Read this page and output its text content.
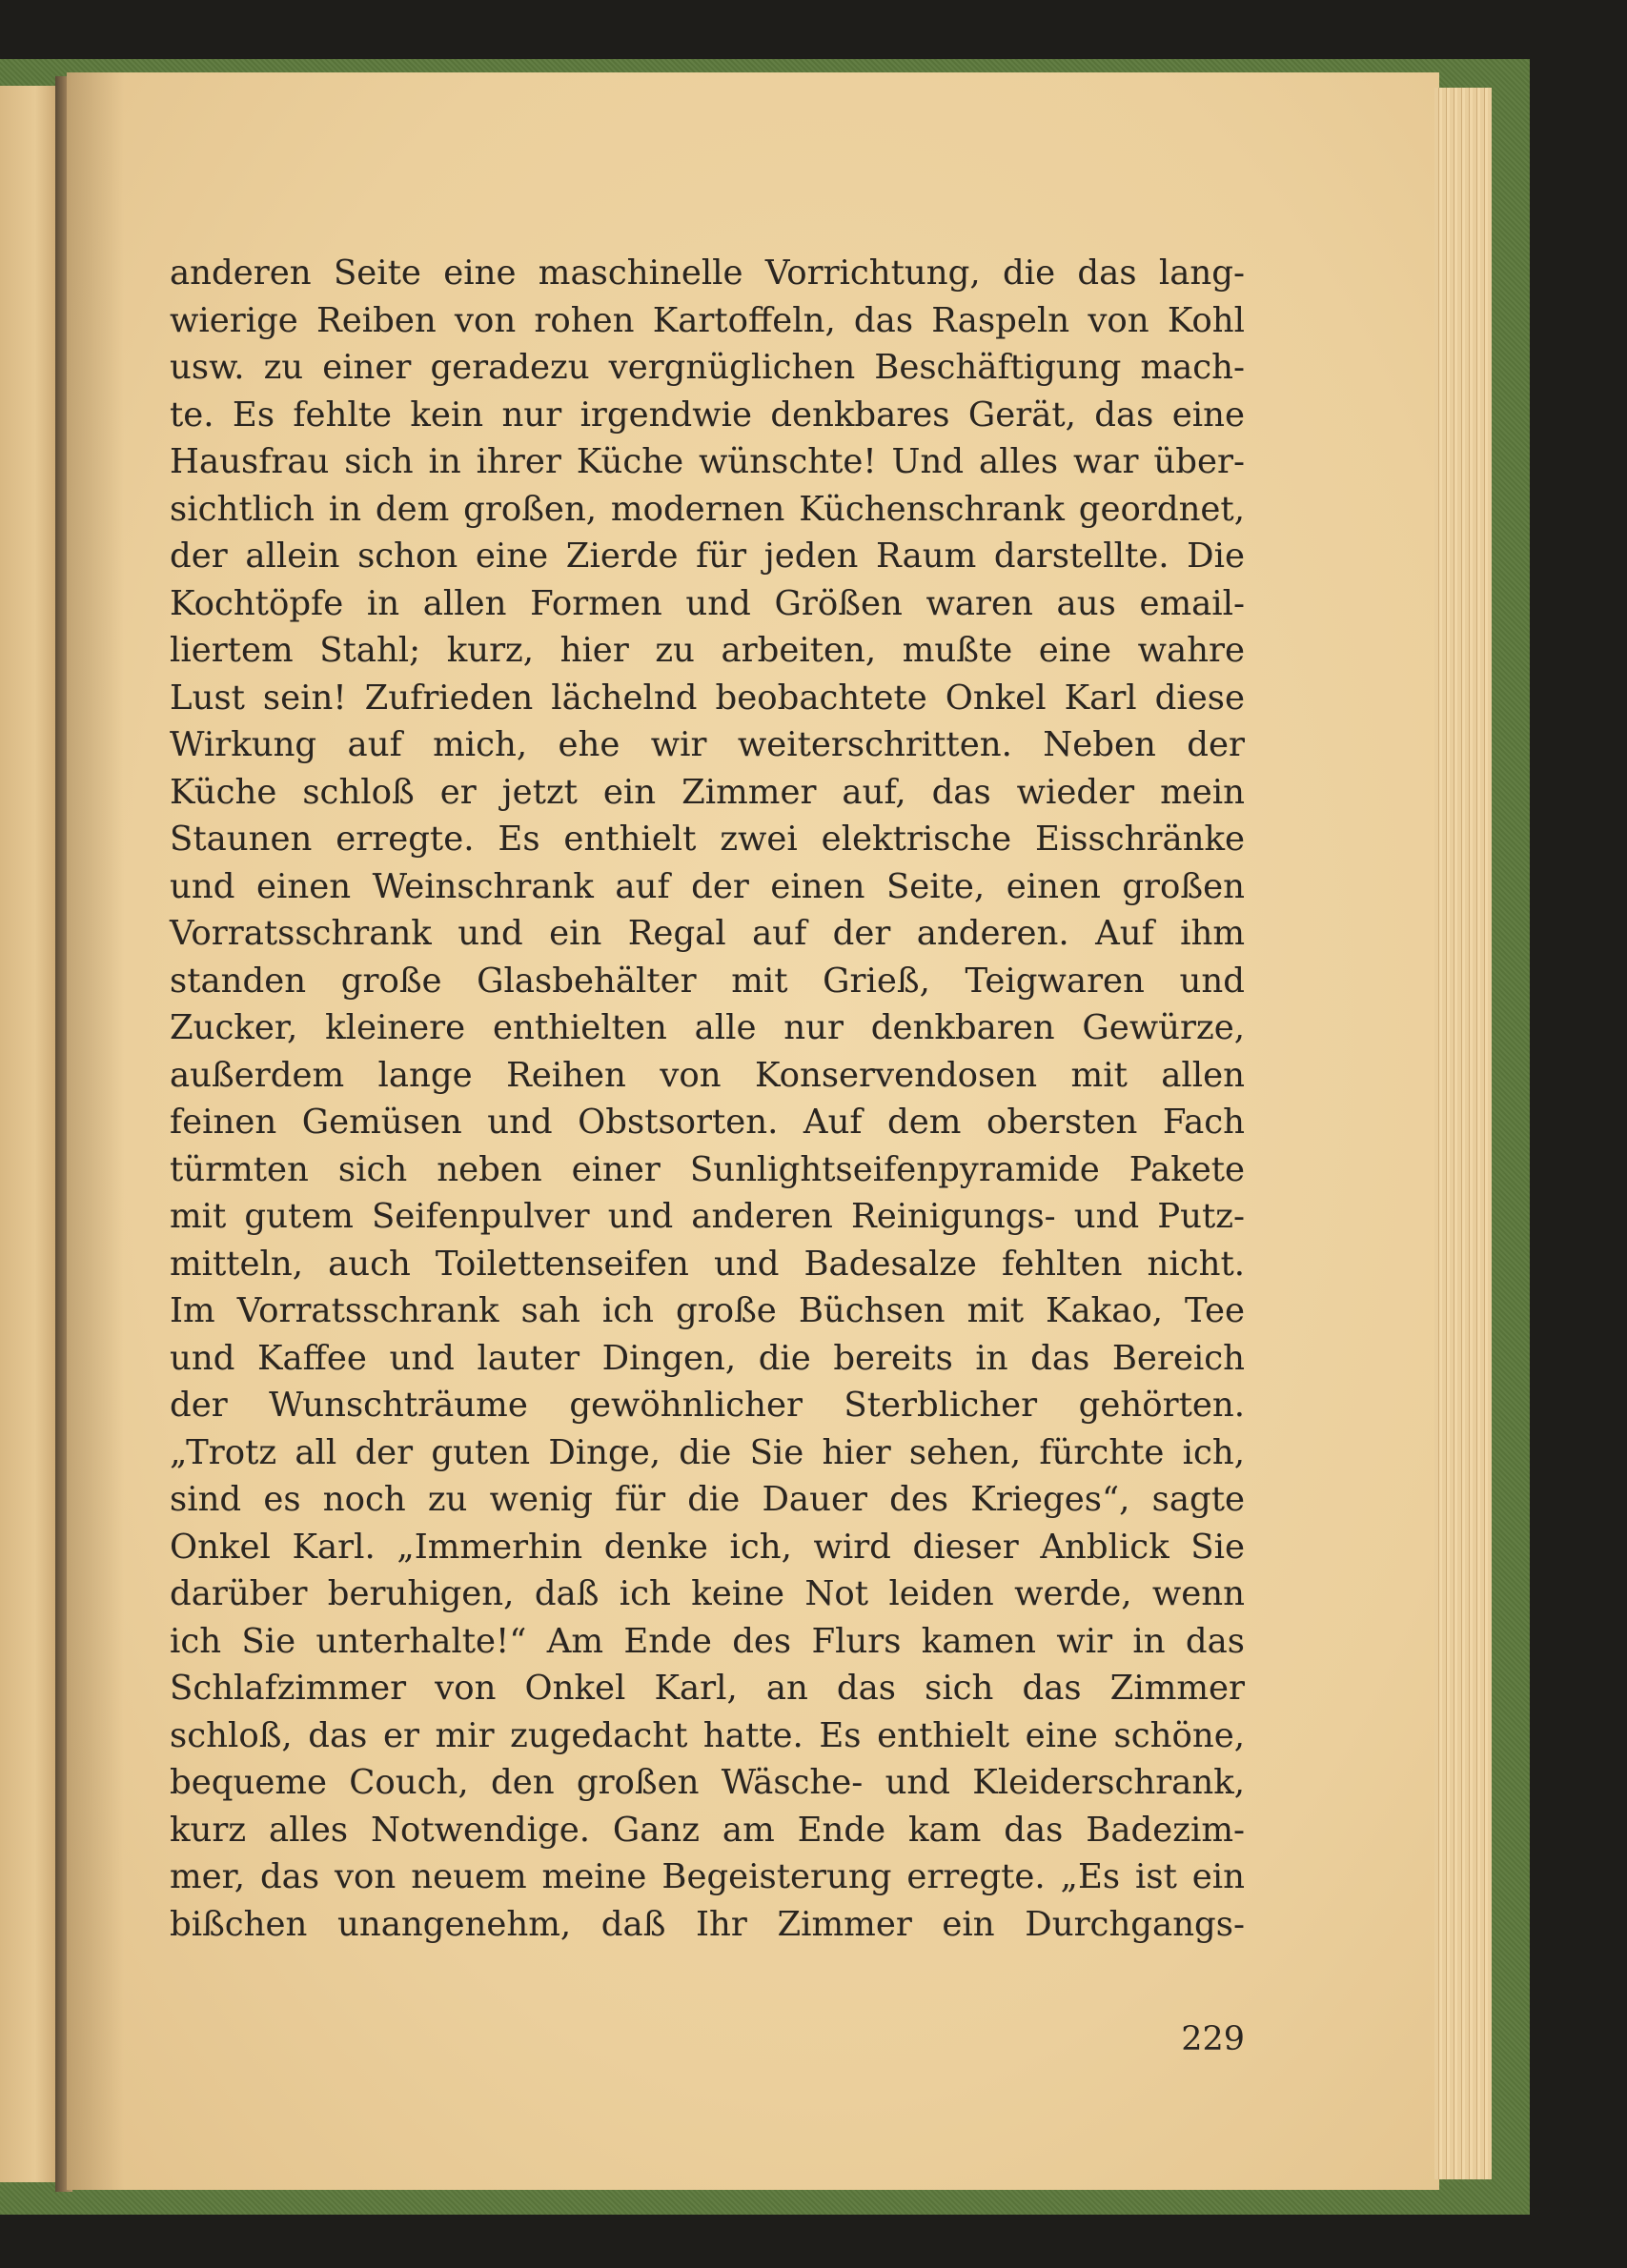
anderen Seite eine maschinelle Vorrichtung, die das lang-
wierige Reiben von rohen Kartoffeln, das Raspeln von Kohl
usw. zu einer geradezu vergnüglichen Beschäftigung mach-
te. Es fehlte kein nur irgendwie denkbares Gerät, das eine
Hausfrau sich in ihrer Küche wünschte! Und alles war über-
sichtlich in dem großen, modernen Küchenschrank geordnet,
der allein schon eine Zierde für jeden Raum darstellte. Die
Kochtöpfe in allen Formen und Größen waren aus email-
liertem Stahl; kurz, hier zu arbeiten, mußte eine wahre
Lust sein! Zufrieden lächelnd beobachtete Onkel Karl diese
Wirkung auf mich, ehe wir weiterschritten. Neben der
Küche schloß er jetzt ein Zimmer auf, das wieder mein
Staunen erregte. Es enthielt zwei elektrische Eisschränke
und einen Weinschrank auf der einen Seite, einen großen
Vorratsschrank und ein Regal auf der anderen. Auf ihm
standen große Glasbehälter mit Grieß, Teigwaren und
Zucker, kleinere enthielten alle nur denkbaren Gewürze,
außerdem lange Reihen von Konservendosen mit allen
feinen Gemüsen und Obstsorten. Auf dem obersten Fach
türmten sich neben einer Sunlightseifenpyramide Pakete
mit gutem Seifenpulver und anderen Reinigungs- und Putz-
mitteln, auch Toilettenseifen und Badesalze fehlten nicht.
Im Vorratsschrank sah ich große Büchsen mit Kakao, Tee
und Kaffee und lauter Dingen, die bereits in das Bereich
der Wunschträume gewöhnlicher Sterblicher gehörten.
„Trotz all der guten Dinge, die Sie hier sehen, fürchte ich,
sind es noch zu wenig für die Dauer des Krieges“, sagte
Onkel Karl. „Immerhin denke ich, wird dieser Anblick Sie
darüber beruhigen, daß ich keine Not leiden werde, wenn
ich Sie unterhalte!“ Am Ende des Flurs kamen wir in das
Schlafzimmer von Onkel Karl, an das sich das Zimmer
schloß, das er mir zugedacht hatte. Es enthielt eine schöne,
bequeme Couch, den großen Wäsche- und Kleiderschrank,
kurz alles Notwendige. Ganz am Ende kam das Badezim-
mer, das von neuem meine Begeisterung erregte. „Es ist ein
bißchen unangenehm, daß Ihr Zimmer ein Durchgangs-
229
